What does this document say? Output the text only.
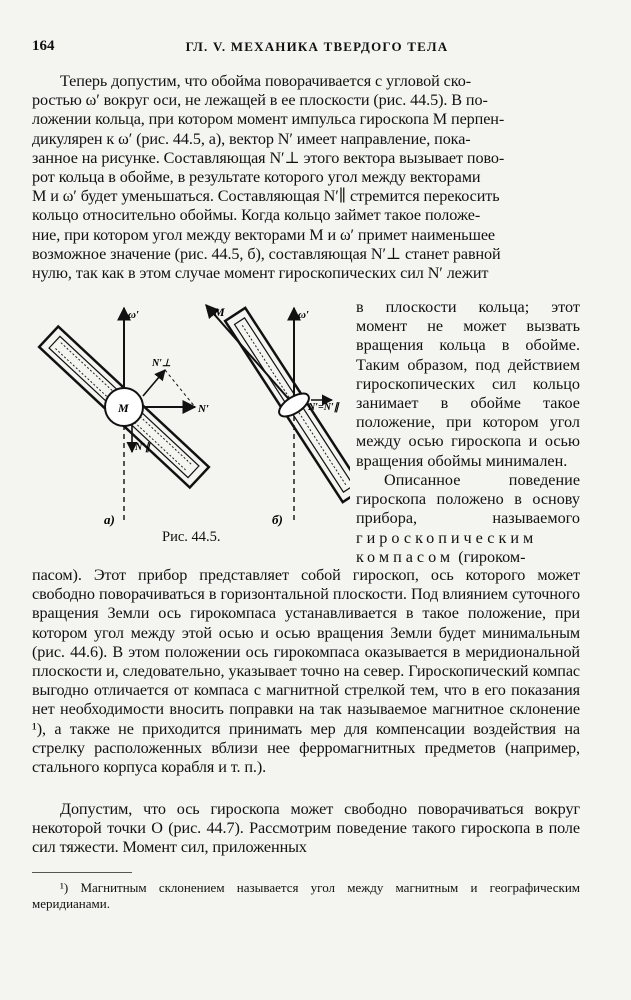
164	ГЛ. V. МЕХАНИКА ТВЕРДОГО ТЕЛА

Теперь допустим, что обойма поворачивается с угловой ско-
ростью ω′ вокруг оси, не лежащей в ее плоскости (рис. 44.5). В по-
ложении кольца, при котором момент импульса гироскопа M перпен-
дикулярен к ω′ (рис. 44.5, а), вектор N′ имеет направление, пока-
занное на рисунке. Составляющая N′⊥ этого вектора вызывает пово-
рот кольца в обойме, в результате которого угол между векторами
M и ω′ будет уменьшаться. Составляющая N′∥ стремится перекосить
кольцо относительно обоймы. Когда кольцо займет такое положе-
ние, при котором угол между векторами M и ω′ примет наименьшее
возможное значение (рис. 44.5, б), составляющая N′⊥ станет равной
нулю, так как в этом случае момент гироскопических сил N′ лежит

в плоскости кольца; этот момент не может вызвать вращения кольца в обойме. Таким образом, под действием гироскопических сил кольцо занимает в обойме такое положение, при котором угол между осью гироскопа и осью вращения обоймы минимален.

Описанное поведение гироскопа положено в основу прибора, называемого гироскопическим компасом (гироком-

ω′
M	N′
N′⊥
N′∥
а)
M	ω′
N′=N′∥
б)
Рис. 44.5.

пасом). Этот прибор представляет собой гироскоп, ось которого может свободно поворачиваться в горизонтальной плоскости. Под влиянием суточного вращения Земли ось гирокомпаса устанавливается в такое положение, при котором угол между этой осью и осью вращения Земли будет минимальным (рис. 44.6). В этом положении ось гирокомпаса оказывается в меридиональной плоскости и, следовательно, указывает точно на север. Гироскопический компас выгодно отличается от компаса с магнитной стрелкой тем, что в его показания нет необходимости вносить поправки на так называемое магнитное склонение ¹), а также не приходится принимать мер для компенсации воздействия на стрелку расположенных вблизи нее ферромагнитных предметов (например, стального корпуса корабля и т. п.).

Допустим, что ось гироскопа может свободно поворачиваться вокруг некоторой точки O (рис. 44.7). Рассмотрим поведение такого гироскопа в поле сил тяжести. Момент сил, приложенных

¹) Магнитным склонением называется угол между магнитным и географическим меридианами.
